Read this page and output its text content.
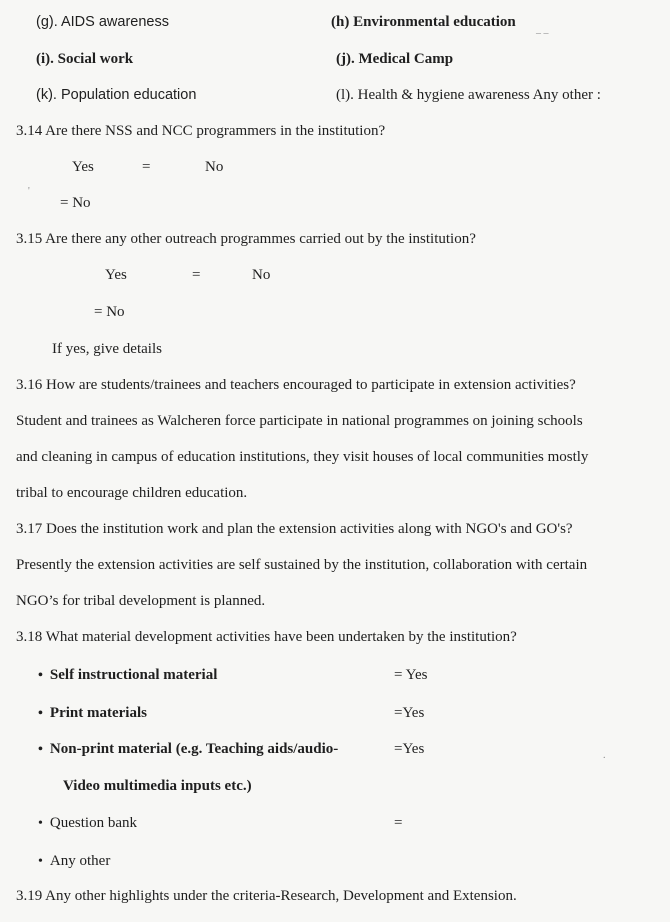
(g). AIDS awareness	(h) Environmental education
(i). Social work	(j). Medical Camp
(k). Population education	(l). Health & hygiene awareness Any other :
3.14 Are there NSS and NCC programmers in the institution?
Yes	=	No
= No
3.15 Are there any other outreach programmes carried out by the institution?
Yes	=	No
= No
If yes, give details
3.16 How are students/trainees and teachers encouraged to participate in extension activities?
Student and trainees as Walcheren force participate in national programmes on joining schools
and cleaning in campus of education institutions, they visit houses of local communities mostly
tribal to encourage children education.
3.17 Does the institution work and plan the extension activities along with NGO's and GO's?
Presently the extension activities are self sustained by the institution, collaboration with certain
NGO’s for tribal development is planned.
3.18 What material development activities have been undertaken by the institution?
• Self instructional material	= Yes
• Print materials	=Yes
• Non-print material (e.g. Teaching aids/audio-	=Yes
Video multimedia inputs etc.)
• Question bank	=
• Any other
3.19 Any other highlights under the criteria-Research, Development and Extension.
– –
'
.
